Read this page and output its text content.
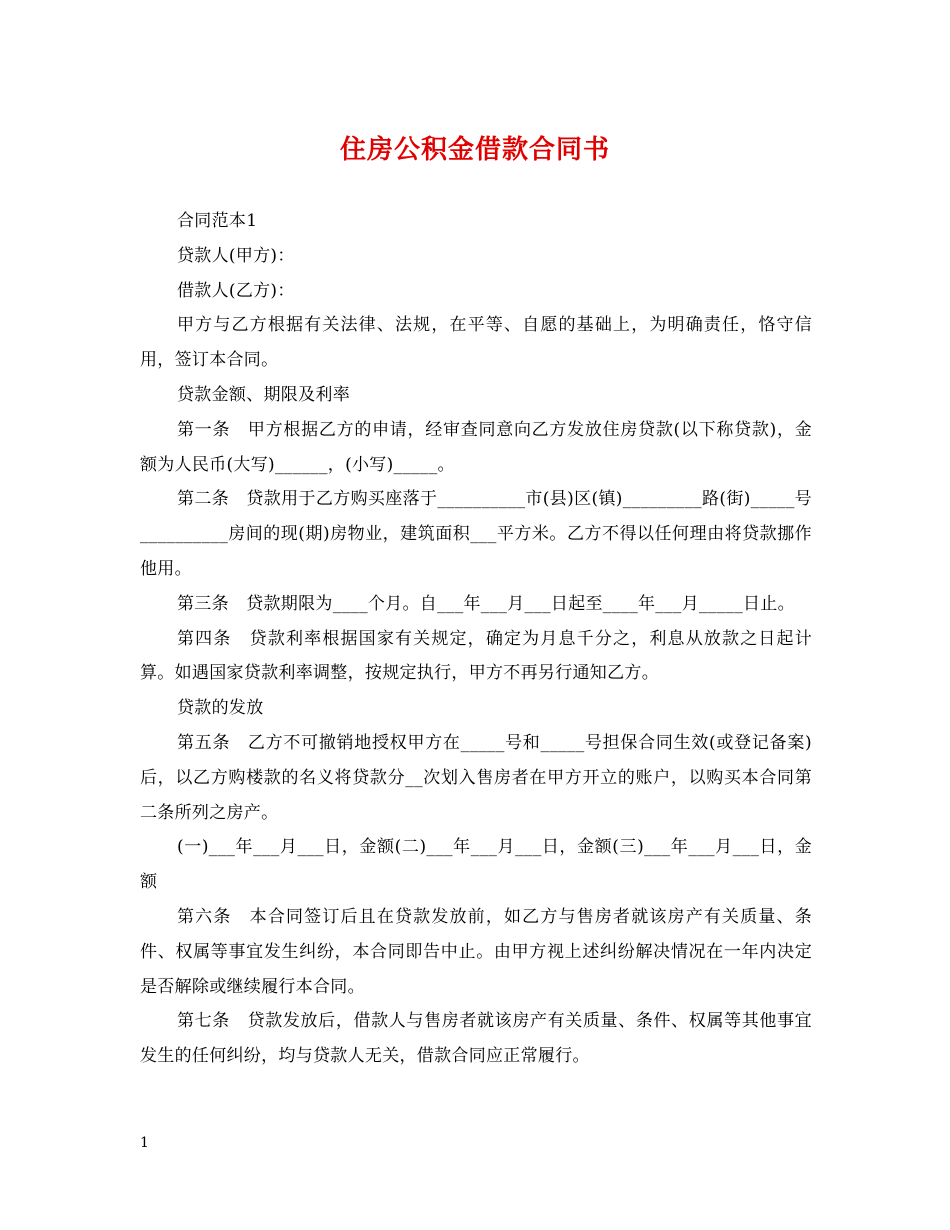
住房公积金借款合同书

合同范本1

贷款人(甲方)：

借款人(乙方)：

甲方与乙方根据有关法律、法规，在平等、自愿的基础上，为明确责任，恪守信用，签订本合同。

贷款金额、期限及利率

第一条　甲方根据乙方的申请，经审查同意向乙方发放住房贷款(以下称贷款)，金额为人民币(大写)______，(小写)_____。

第二条　贷款用于乙方购买座落于__________市(县)区(镇)_________路(街)_____号__________房间的现(期)房物业，建筑面积___平方米。乙方不得以任何理由将贷款挪作他用。

第三条　贷款期限为____个月。自___年___月___日起至____年___月_____日止。

第四条　贷款利率根据国家有关规定，确定为月息千分之，利息从放款之日起计算。如遇国家贷款利率调整，按规定执行，甲方不再另行通知乙方。

贷款的发放

第五条　乙方不可撤销地授权甲方在_____号和_____号担保合同生效(或登记备案)后，以乙方购楼款的名义将贷款分__次划入售房者在甲方开立的账户，以购买本合同第二条所列之房产。

(一)___年___月___日，金额(二)___年___月___日，金额(三)___年___月___日，金额

第六条　本合同签订后且在贷款发放前，如乙方与售房者就该房产有关质量、条件、权属等事宜发生纠纷，本合同即告中止。由甲方视上述纠纷解决情况在一年内决定是否解除或继续履行本合同。

第七条　贷款发放后，借款人与售房者就该房产有关质量、条件、权属等其他事宜发生的任何纠纷，均与贷款人无关，借款合同应正常履行。

1
